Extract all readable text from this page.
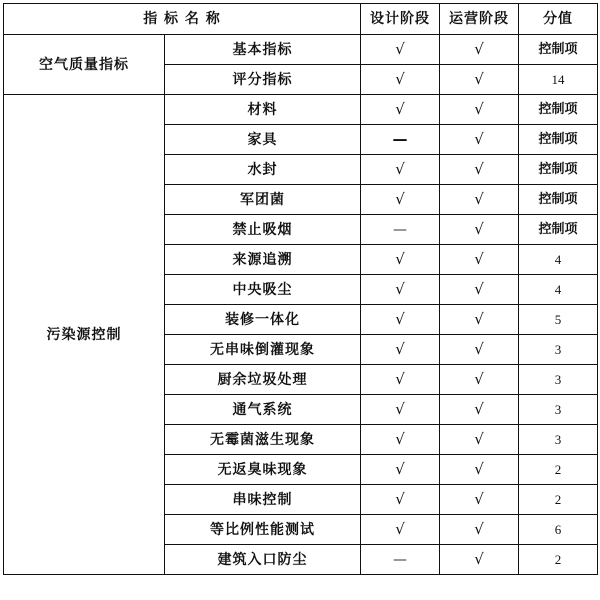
指 标 名 称		设计阶段	运营阶段	分值
空气质量指标	基本指标	√	√	控制项
	评分指标	√	√	14
污染源控制	材料	√	√	控制项
	家具	—	√	控制项
	水封	√	√	控制项
	军团菌	√	√	控制项
	禁止吸烟	—	√	控制项
	来源追溯	√	√	4
	中央吸尘	√	√	4
	装修一体化	√	√	5
	无串味倒灌现象	√	√	3
	厨余垃圾处理	√	√	3
	通气系统	√	√	3
	无霉菌滋生现象	√	√	3
	无返臭味现象	√	√	2
	串味控制	√	√	2
	等比例性能测试	√	√	6
	建筑入口防尘	—	√	2
